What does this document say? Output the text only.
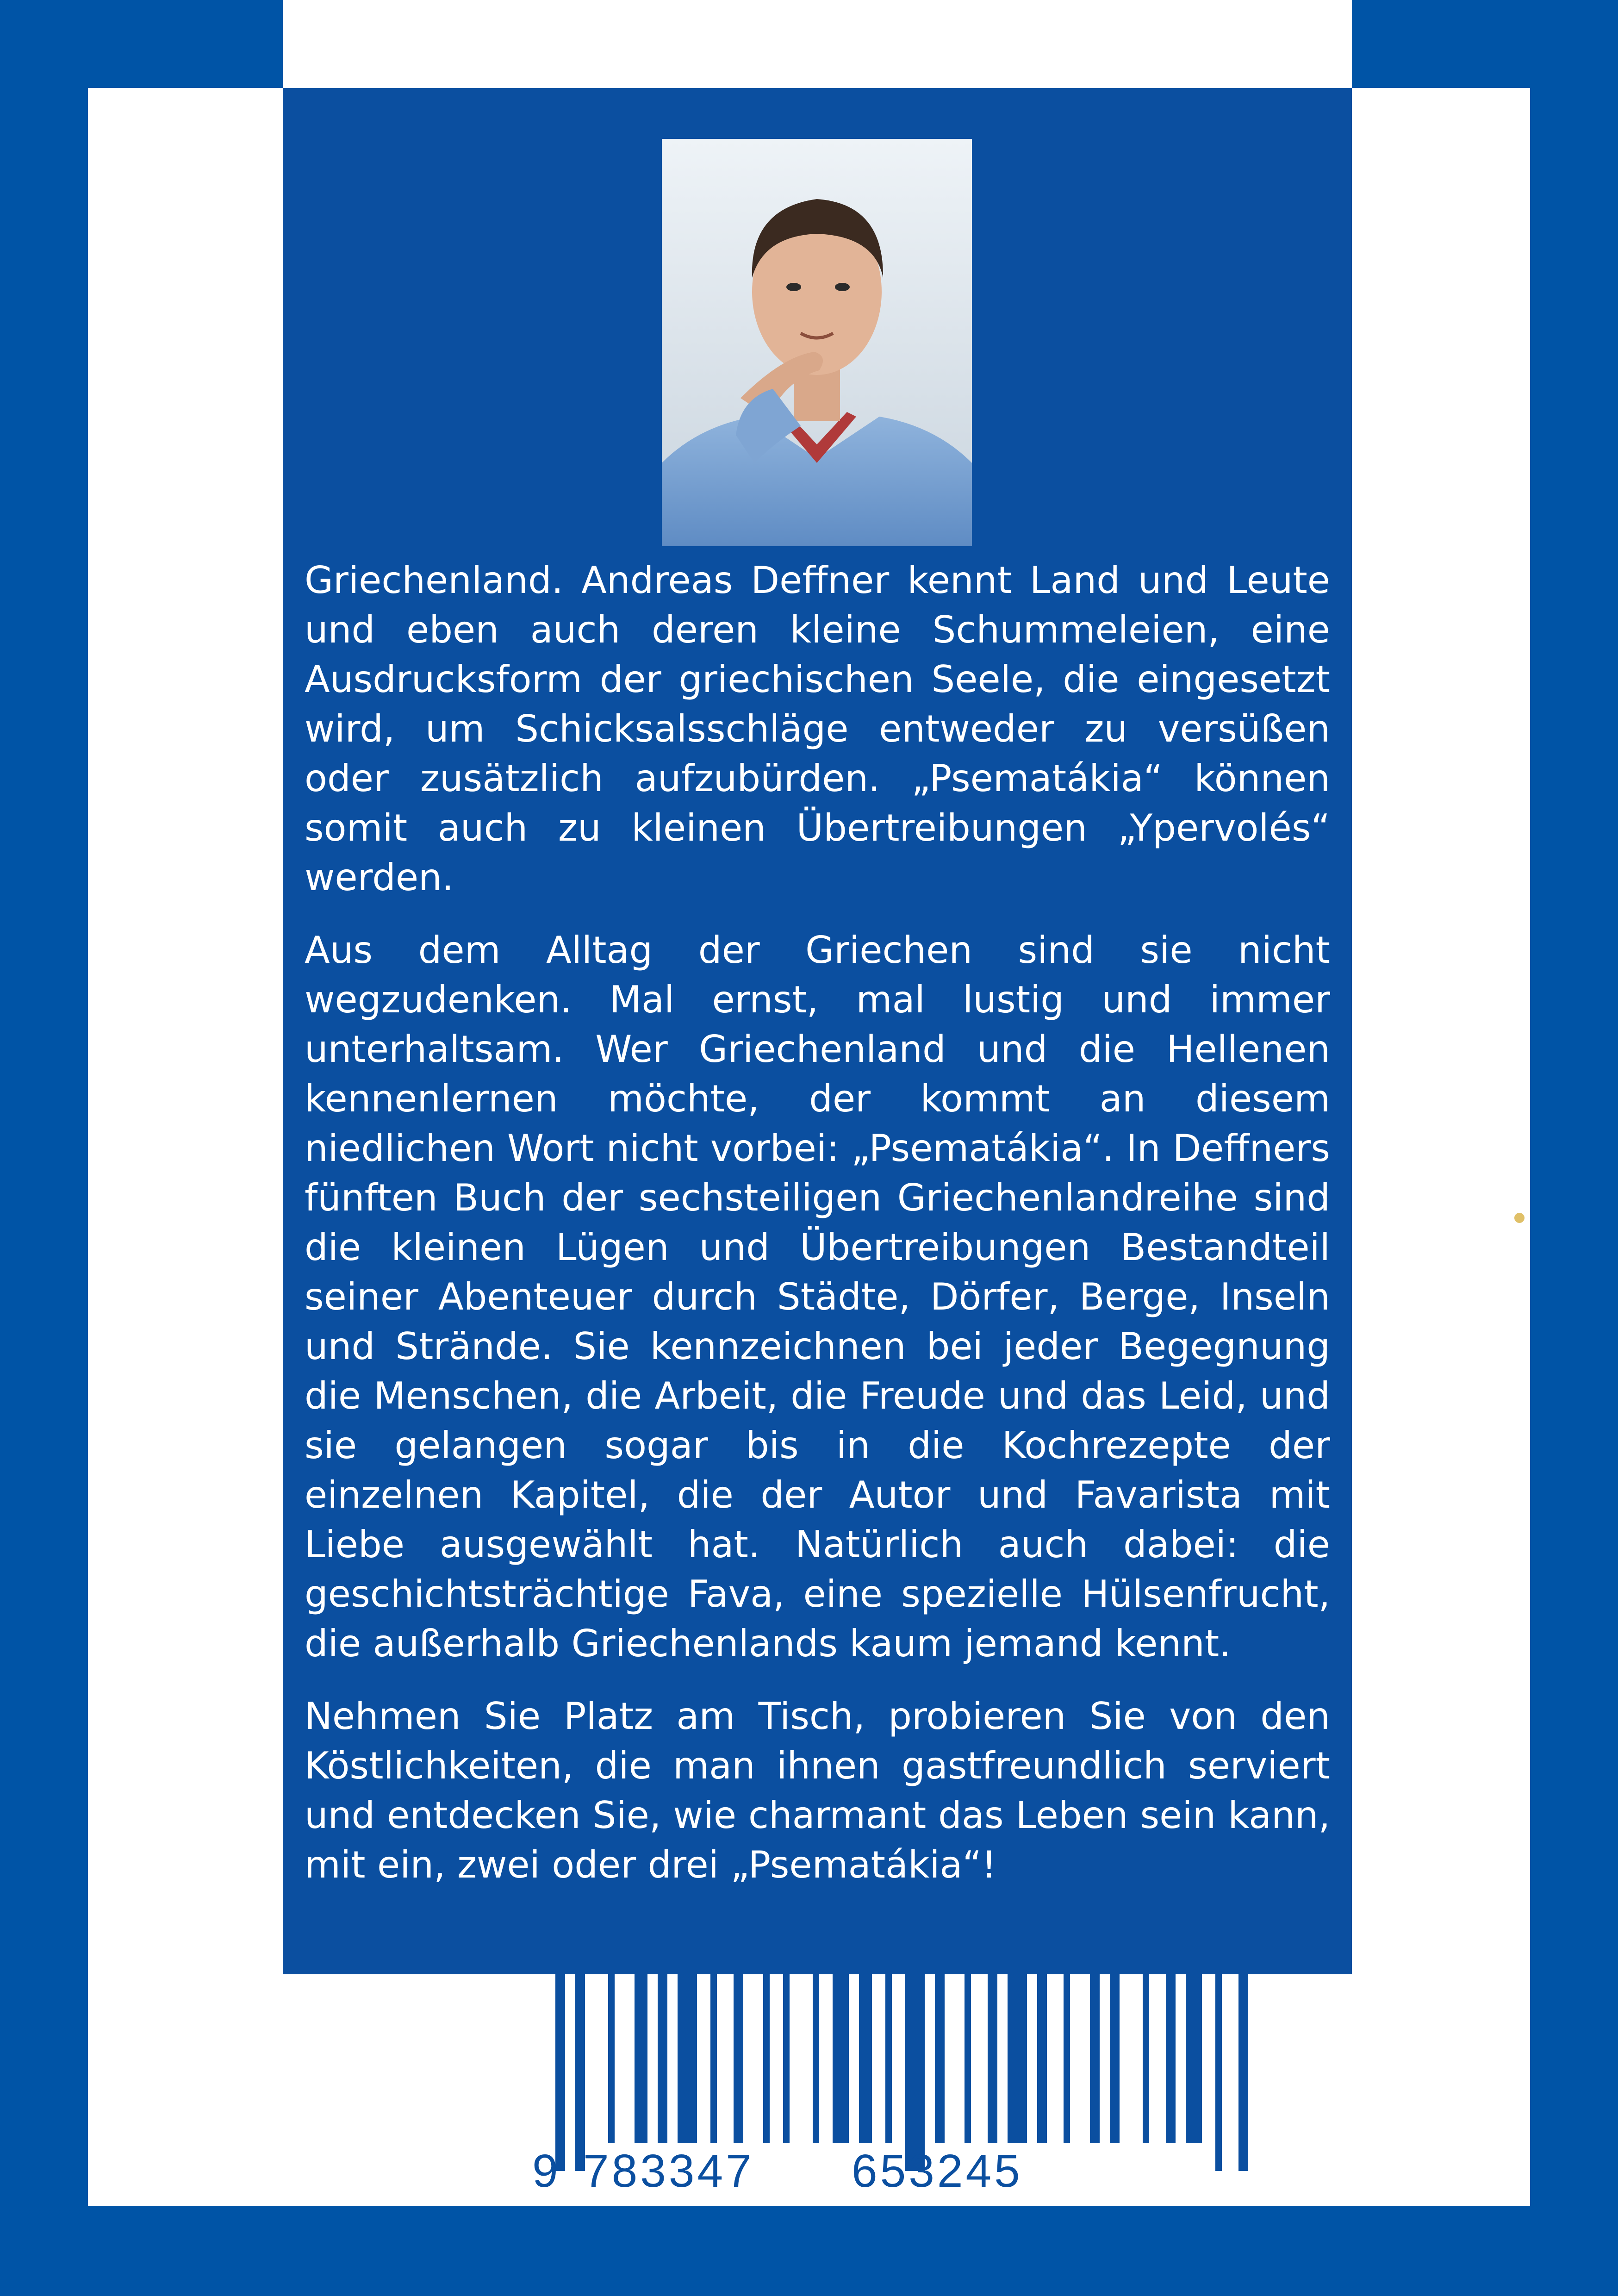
Griechenland. Andreas Deffner kennt Land und Leute und eben auch deren kleine Schummeleien, eine Ausdrucksform der griechischen Seele, die eingesetzt wird, um Schicksalsschläge entweder zu versüßen oder zusätzlich aufzubürden. „Psematákia“ können somit auch zu kleinen Übertreibungen „Ypervolés“ werden.

Aus dem Alltag der Griechen sind sie nicht wegzudenken. Mal ernst, mal lustig und immer unterhaltsam. Wer Griechenland und die Hellenen kennenlernen möchte, der kommt an diesem niedlichen Wort nicht vorbei: „Psematákia“. In Deffners fünften Buch der sechsteiligen Griechenlandreihe sind die kleinen Lügen und Übertreibungen Bestandteil seiner Abenteuer durch Städte, Dörfer, Berge, Inseln und Strände. Sie kennzeichnen bei jeder Begegnung die Menschen, die Arbeit, die Freude und das Leid, und sie gelangen sogar bis in die Kochrezepte der einzelnen Kapitel, die der Autor und Favarista mit Liebe ausgewählt hat. Natürlich auch dabei: die geschichtsträchtige Fava, eine spezielle Hülsenfrucht, die außerhalb Griechenlands kaum jemand kennt.

Nehmen Sie Platz am Tisch, probieren Sie von den Köstlichkeiten, die man ihnen gastfreundlich serviert und entdecken Sie, wie charmant das Leben sein kann, mit ein, zwei oder drei „Psematákia“!

9 783347 653245
